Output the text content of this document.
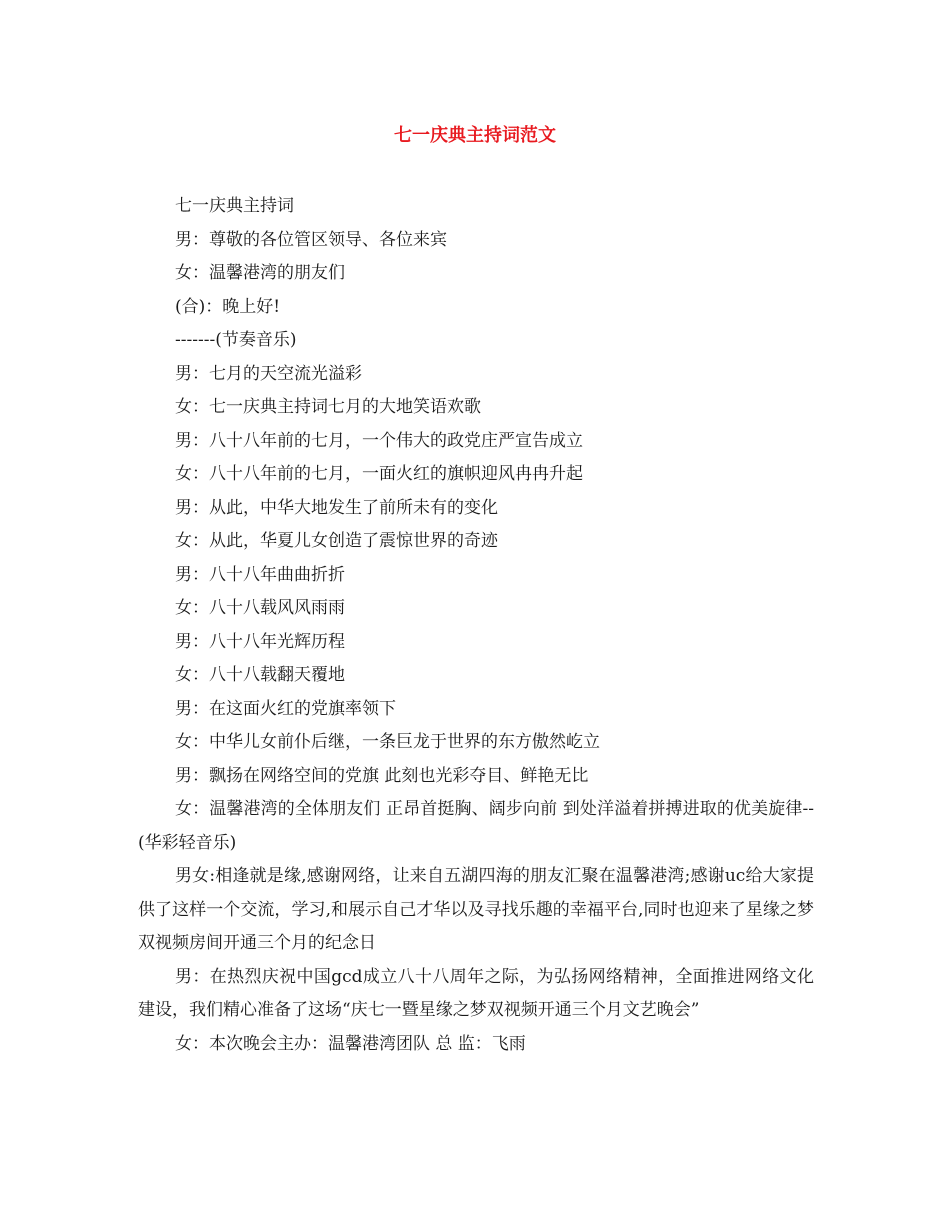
七一庆典主持词范文

七一庆典主持词

男：尊敬的各位管区领导、各位来宾

女：温馨港湾的朋友们

(合)：晚上好!

-------(节奏音乐)

男：七月的天空流光溢彩

女：七一庆典主持词七月的大地笑语欢歌

男：八十八年前的七月，一个伟大的政党庄严宣告成立

女：八十八年前的七月，一面火红的旗帜迎风冉冉升起

男：从此，中华大地发生了前所未有的变化

女：从此，华夏儿女创造了震惊世界的奇迹

男：八十八年曲曲折折

女：八十八载风风雨雨

男：八十八年光辉历程

女：八十八载翻天覆地

男：在这面火红的党旗率领下

女：中华儿女前仆后继，一条巨龙于世界的东方傲然屹立

男：飘扬在网络空间的党旗 此刻也光彩夺目、鲜艳无比

女：温馨港湾的全体朋友们 正昂首挺胸、阔步向前 到处洋溢着拼搏进取的优美旋律--(华彩轻音乐)

男女:相逢就是缘,感谢网络，让来自五湖四海的朋友汇聚在温馨港湾;感谢uc给大家提供了这样一个交流，学习,和展示自己才华以及寻找乐趣的幸福平台,同时也迎来了星缘之梦双视频房间开通三个月的纪念日

男：在热烈庆祝中国gcd成立八十八周年之际，为弘扬网络精神，全面推进网络文化建设，我们精心准备了这场“庆七一暨星缘之梦双视频开通三个月文艺晚会”

女：本次晚会主办：温馨港湾团队 总 监：飞雨
